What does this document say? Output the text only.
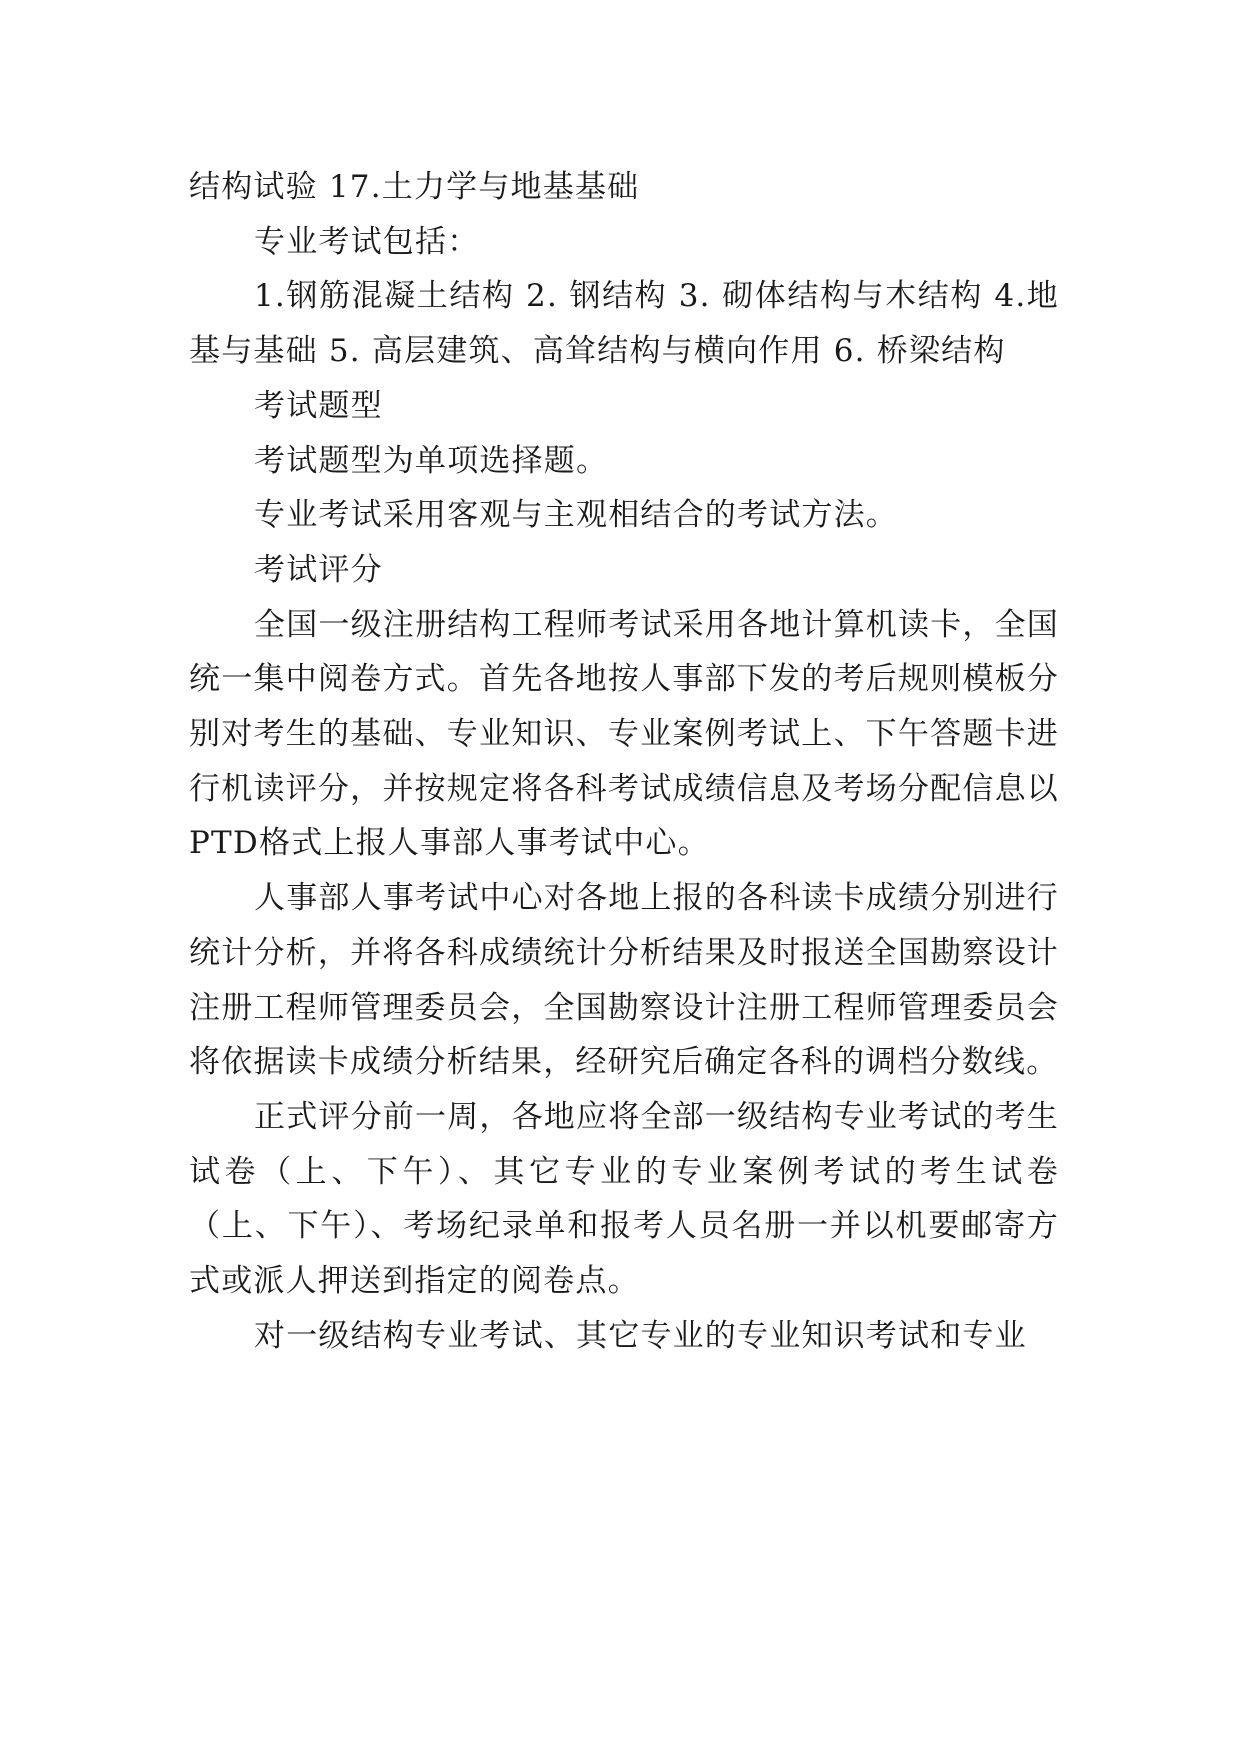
结构试验 17.土力学与地基基础

专业考试包括：

1.钢筋混凝土结构 2. 钢结构 3. 砌体结构与木结构 4.地基与基础 5. 高层建筑、高耸结构与横向作用 6. 桥梁结构

考试题型

考试题型为单项选择题。

专业考试采用客观与主观相结合的考试方法。

考试评分

全国一级注册结构工程师考试采用各地计算机读卡，全国统一集中阅卷方式。首先各地按人事部下发的考后规则模板分别对考生的基础、专业知识、专业案例考试上、下午答题卡进行机读评分，并按规定将各科考试成绩信息及考场分配信息以PTD格式上报人事部人事考试中心。

人事部人事考试中心对各地上报的各科读卡成绩分别进行统计分析，并将各科成绩统计分析结果及时报送全国勘察设计注册工程师管理委员会，全国勘察设计注册工程师管理委员会将依据读卡成绩分析结果，经研究后确定各科的调档分数线。

正式评分前一周，各地应将全部一级结构专业考试的考生试卷（上、下午）、其它专业的专业案例考试的考生试卷（上、下午）、考场纪录单和报考人员名册一并以机要邮寄方式或派人押送到指定的阅卷点。

对一级结构专业考试、其它专业的专业知识考试和专业
